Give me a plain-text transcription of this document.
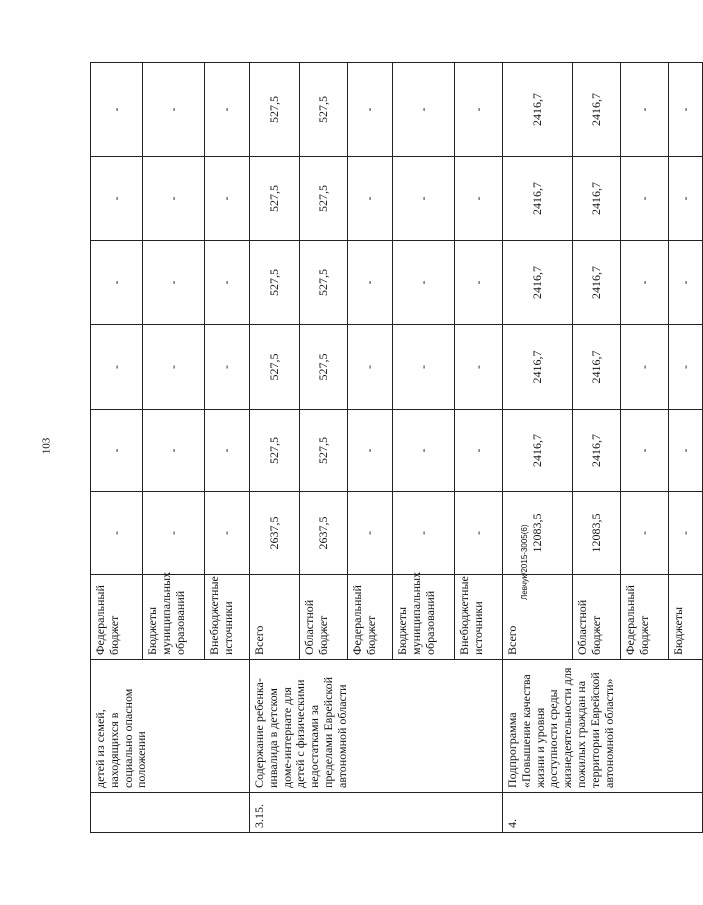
103
Левчук/2015-3005(6)
	детей из семей, находящихся в социально опасном положении	Федеральный бюджет	-	-	-	-	-	-
		Бюджеты муниципальных образований	-	-	-	-	-	-
		Внебюджетные источники	-	-	-	-	-	-
3.15.	Содержание ребенка-инвалида в детском доме-интернате для детей с физическими недостатками за пределами Еврейской автономной области	Всего	2637,5	527,5	527,5	527,5	527,5	527,5
		Областной бюджет	2637,5	527,5	527,5	527,5	527,5	527,5
		Федеральный бюджет	-	-	-	-	-	-
		Бюджеты муниципальных образований	-	-	-	-	-	-
		Внебюджетные источники	-	-	-	-	-	-
4.	Подпрограмма «Повышение качества жизни и уровня доступности среды жизнедеятельности для пожилых граждан на территории Еврейской автономной области»	Всего	12083,5	2416,7	2416,7	2416,7	2416,7	2416,7
		Областной бюджет	12083,5	2416,7	2416,7	2416,7	2416,7	2416,7
		Федеральный бюджет	-	-	-	-	-	-
		Бюджеты	-	-	-	-	-	-
